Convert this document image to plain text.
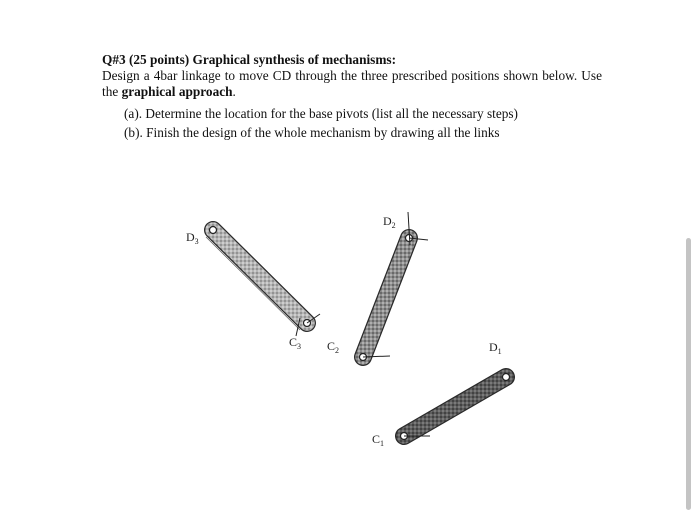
Q#3 (25 points) Graphical synthesis of mechanisms:
Design a 4bar linkage to move CD through the three prescribed positions shown below. Use the graphical approach.
(a). Determine the location for the base pivots (list all the necessary steps)
(b). Finish the design of the whole mechanism by drawing all the links
$D_3$
$C_3$
$D_2$
$C_2$	$D_1$
$C_1$
